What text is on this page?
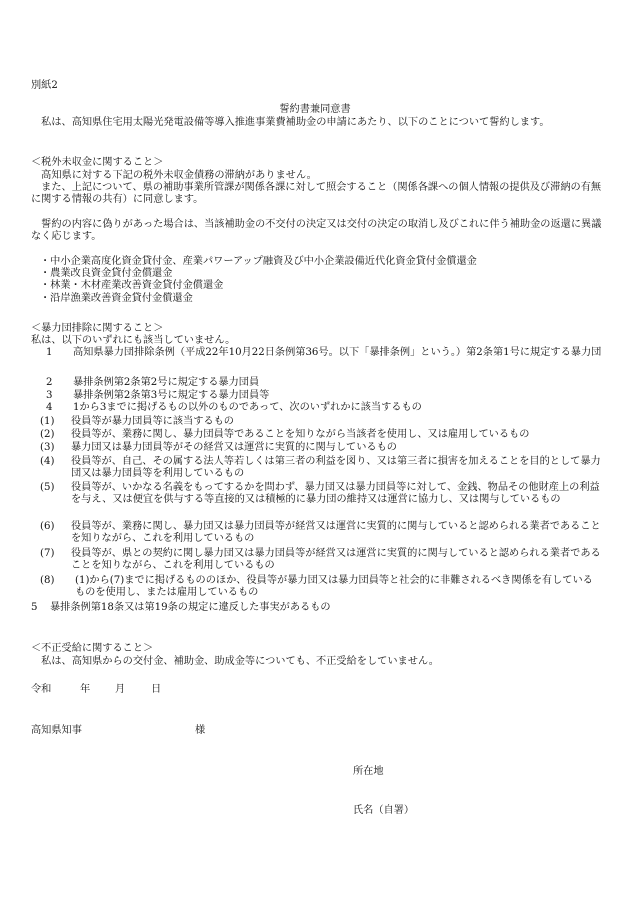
別紙2
誓約書兼同意書
　私は、高知県住宅用太陽光発電設備等導入推進事業費補助金の申請にあたり、以下のことについて誓約します。
＜税外未収金に関すること＞
　高知県に対する下記の税外未収金債務の滞納がありません。
　また、上記について、県の補助事業所管課が関係各課に対して照会すること（関係各課への個人情報の提供及び滞納の有無に関する情報の共有）に同意します。
　誓約の内容に偽りがあった場合は、当該補助金の不交付の決定又は交付の決定の取消し及びこれに伴う補助金の返還に異議なく応じます。
・中小企業高度化資金貸付金、産業パワーアップ融資及び中小企業設備近代化資金貸付金償還金
・農業改良資金貸付金償還金
・林業・木材産業改善資金貸付金償還金
・沿岸漁業改善資金貸付金償還金
＜暴力団排除に関すること＞
私は、以下のいずれにも該当していません。
1 高知県暴力団排除条例（平成22年10月22日条例第36号。以下「暴排条例」という。）第2条第1号に規定する暴力団
2 暴排条例第2条第2号に規定する暴力団員
3 暴排条例第2条第3号に規定する暴力団員等
4 1から3までに掲げるもの以外のものであって、次のいずれかに該当するもの
(1) 役員等が暴力団員等に該当するもの
(2) 役員等が、業務に関し、暴力団員等であることを知りながら当該者を使用し、又は雇用しているもの
(3) 暴力団又は暴力団員等がその経営又は運営に実質的に関与しているもの
(4) 役員等が、自己、その属する法人等若しくは第三者の利益を図り、又は第三者に損害を加えることを目的として暴力団又は暴力団員等を利用しているもの
(5) 役員等が、いかなる名義をもってするかを問わず、暴力団又は暴力団員等に対して、金銭、物品その他財産上の利益を与え、又は便宜を供与する等直接的又は積極的に暴力団の維持又は運営に協力し、又は関与しているもの
(6) 役員等が、業務に関し、暴力団又は暴力団員等が経営又は運営に実質的に関与していると認められる業者であることを知りながら、これを利用しているもの
(7) 役員等が、県との契約に関し暴力団又は暴力団員等が経営又は運営に実質的に関与していると認められる業者であることを知りながら、これを利用しているもの
(8) (1)から(7)までに掲げるもののほか、役員等が暴力団又は暴力団員等と社会的に非難されるべき関係を有しているものを使用し、または雇用しているもの
5 暴排条例第18条又は第19条の規定に違反した事実があるもの
＜不正受給に関すること＞
　私は、高知県からの交付金、補助金、助成金等についても、不正受給をしていません。
令和	年 月	日
高知県知事	様
所在地
氏名（自署）
